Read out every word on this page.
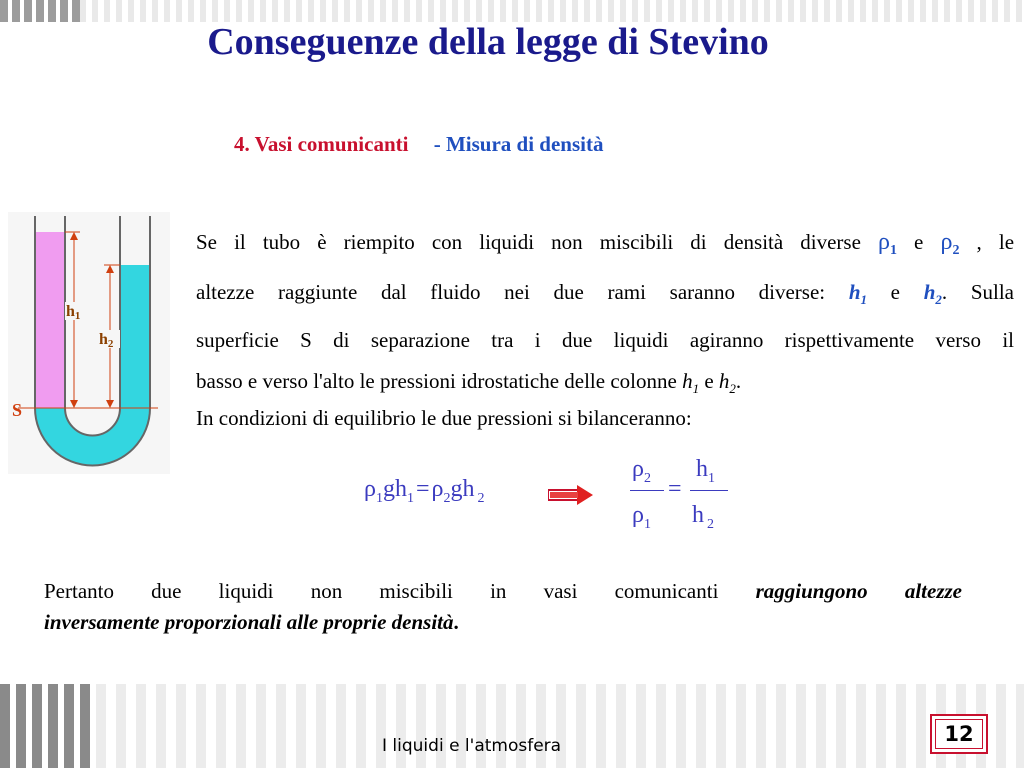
Conseguenze della legge di Stevino
4. Vasi comunicanti - Misura di densità
h1
h2
S
Se il tubo è riempito con liquidi non miscibili di densità diverse $\rho_1$ e $\rho_2$ , le
altezze raggiunte dal fluido nei due rami saranno diverse: $h_1$ e $h_2$. Sulla
superficie S di separazione tra i due liquidi agiranno rispettivamente verso il
basso e verso l'alto le pressioni idrostatiche delle colonne $h_1$ e $h_2$.
In condizioni di equilibrio le due pressioni si bilanceranno:
$\rho_1gh_1=\rho_2gh$ $_2$
$\rho_2$
$\rho_1$
=
$h_1$
h $_2$
Pertanto due liquidi non miscibili in vasi comunicanti raggiungono altezze
inversamente proporzionali alle proprie densità.
I liquidi e l'atmosfera	12
